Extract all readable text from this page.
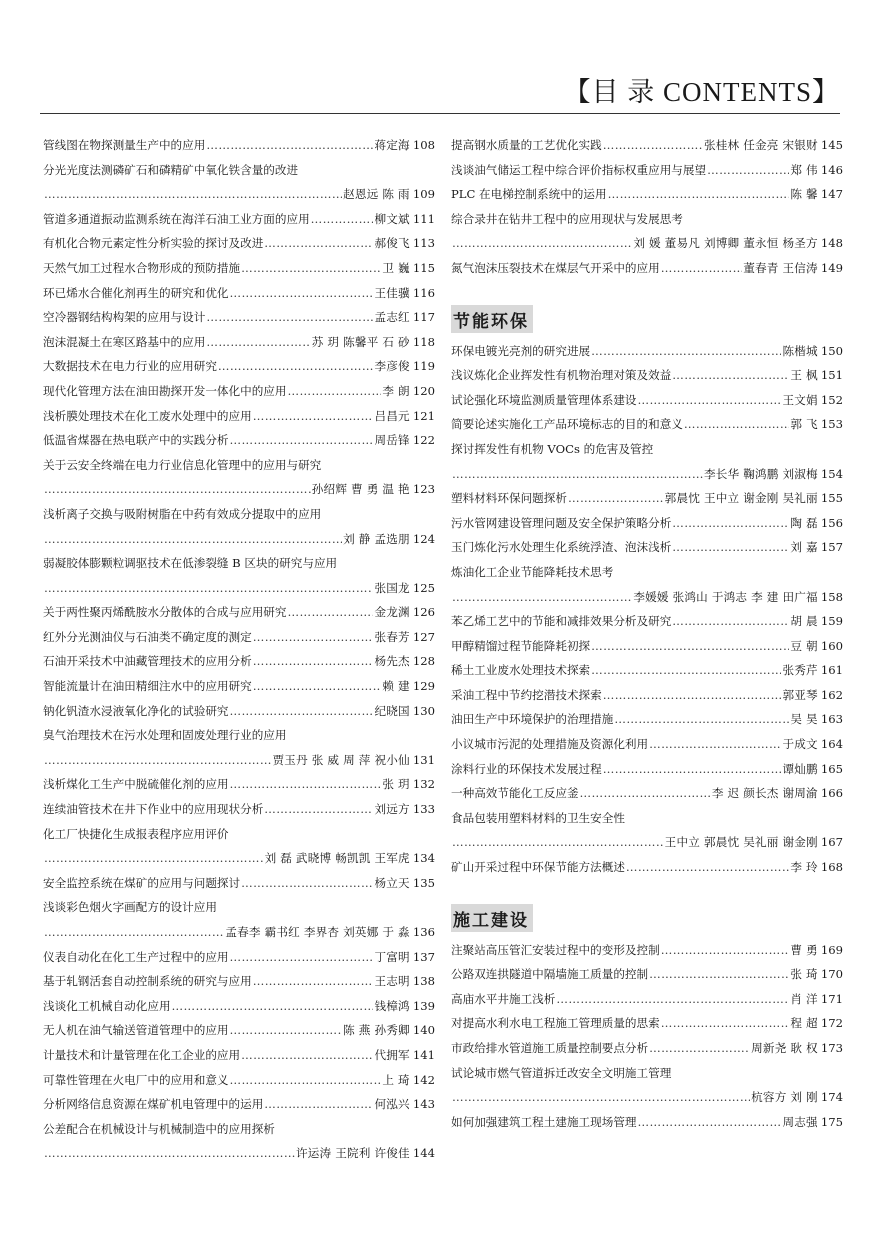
【目 录 CONTENTS】
管线图在物探测量生产中的应用 …………………………………………………………………………………………………………………………………………………………………………………………	蒋定海 108
分光光度法测磷矿石和磷精矿中氧化铁含量的改进
…………………………………………………………………………………………………………………………………………………………………………………………
赵恩远 陈 雨 109
管道多通道振动监测系统在海洋石油工业方面的应用 …………………………………………………………………………………………………………………………………………………………………………………………	柳文斌 111
有机化合物元素定性分析实验的探讨及改进 …………………………………………………………………………………………………………………………………………………………………………………………	郝俊飞 113
天然气加工过程水合物形成的预防措施 …………………………………………………………………………………………………………………………………………………………………………………………	卫 巍 115
环已烯水合催化剂再生的研究和优化 …………………………………………………………………………………………………………………………………………………………………………………………	王佳骥 116
空冷器钢结构构架的应用与设计 …………………………………………………………………………………………………………………………………………………………………………………………	孟志红 117
泡沫混凝土在寒区路基中的应用 …………………………………………………………………………………………………………………………………………………………………………………………	苏 玥 陈馨平 石 砂 118
大数据技术在电力行业的应用研究 …………………………………………………………………………………………………………………………………………………………………………………………	李彦俊 119
现代化管理方法在油田勘探开发一体化中的应用 …………………………………………………………………………………………………………………………………………………………………………………………	李 朗 120
浅析膜处理技术在化工废水处理中的应用 …………………………………………………………………………………………………………………………………………………………………………………………	吕昌元 121
低温省煤器在热电联产中的实践分析 …………………………………………………………………………………………………………………………………………………………………………………………	周岳锋 122
关于云安全终端在电力行业信息化管理中的应用与研究
…………………………………………………………………………………………………………………………………………………………………………………………
孙绍辉 曹 勇 温 艳 123
浅析离子交换与吸附树脂在中药有效成分提取中的应用
…………………………………………………………………………………………………………………………………………………………………………………………
刘 静 孟选朋 124
弱凝胶体膨颗粒调驱技术在低渗裂缝 B 区块的研究与应用
…………………………………………………………………………………………………………………………………………………………………………………………
张国龙 125
关于两性聚丙烯酰胺水分散体的合成与应用研究 …………………………………………………………………………………………………………………………………………………………………………………………	金龙渊 126
红外分光测油仪与石油类不确定度的测定 …………………………………………………………………………………………………………………………………………………………………………………………	张春芳 127
石油开采技术中油藏管理技术的应用分析 …………………………………………………………………………………………………………………………………………………………………………………………	杨先杰 128
智能流量计在油田精细注水中的应用研究 …………………………………………………………………………………………………………………………………………………………………………………………	赖 建 129
钠化钒渣水浸液氧化净化的试验研究 …………………………………………………………………………………………………………………………………………………………………………………………	纪晓国 130
臭气治理技术在污水处理和固废处理行业的应用
…………………………………………………………………………………………………………………………………………………………………………………………
贾玉丹 张 威 周 萍 祝小仙 131
浅析煤化工生产中脱硫催化剂的应用 …………………………………………………………………………………………………………………………………………………………………………………………	张 玥 132
连续油管技术在井下作业中的应用现状分析 …………………………………………………………………………………………………………………………………………………………………………………………	刘远方 133
化工厂快捷化生成报表程序应用评价
…………………………………………………………………………………………………………………………………………………………………………………………
刘 磊 武晓博 畅凯凯 王军虎 134
安全监控系统在煤矿的应用与问题探讨 …………………………………………………………………………………………………………………………………………………………………………………………	杨立天 135
浅谈彩色烟火字画配方的设计应用
…………………………………………………………………………………………………………………………………………………………………………………………
孟春李 霸书红 李界杏 刘英娜 于 淼 136
仪表自动化在化工生产过程中的应用 …………………………………………………………………………………………………………………………………………………………………………………………	丁富明 137
基于轧钢活套自动控制系统的研究与应用 …………………………………………………………………………………………………………………………………………………………………………………………	王志明 138
浅谈化工机械自动化应用 …………………………………………………………………………………………………………………………………………………………………………………………	钱樟鸿 139
无人机在油气输送管道管理中的应用 …………………………………………………………………………………………………………………………………………………………………………………………	陈 燕 孙秀卿 140
计量技术和计量管理在化工企业的应用 …………………………………………………………………………………………………………………………………………………………………………………………	代拥军 141
可靠性管理在火电厂中的应用和意义 …………………………………………………………………………………………………………………………………………………………………………………………	上 琦 142
分析网络信息资源在煤矿机电管理中的运用 …………………………………………………………………………………………………………………………………………………………………………………………	何泓兴 143
公差配合在机械设计与机械制造中的应用探析
…………………………………………………………………………………………………………………………………………………………………………………………
许运涛 王院利 许俊佳 144
提高钢水质量的工艺优化实践 …………………………………………………………………………………………………………………………………………………………………………………………	张桂林 任金亮 宋银财 145
浅谈油气储运工程中综合评价指标权重应用与展望 …………………………………………………………………………………………………………………………………………………………………………………………	郑 伟 146
PLC 在电梯控制系统中的运用 …………………………………………………………………………………………………………………………………………………………………………………………	陈 馨 147
综合录井在钻井工程中的应用现状与发展思考
…………………………………………………………………………………………………………………………………………………………………………………………
刘 媛 董易凡 刘博卿 董永恒 杨圣方 148
氮气泡沫压裂技术在煤层气开采中的应用 …………………………………………………………………………………………………………………………………………………………………………………………	董春青 王信涛 149
节能环保
环保电镀光亮剂的研究进展 …………………………………………………………………………………………………………………………………………………………………………………………	陈楷城 150
浅议炼化企业挥发性有机物治理对策及效益 …………………………………………………………………………………………………………………………………………………………………………………………	王 枫 151
试论强化环境监测质量管理体系建设 …………………………………………………………………………………………………………………………………………………………………………………………	王文娟 152
简要论述实施化工产品环境标志的目的和意义 …………………………………………………………………………………………………………………………………………………………………………………………	郭 飞 153
探讨挥发性有机物 VOCs 的危害及管控
…………………………………………………………………………………………………………………………………………………………………………………………
李长华 鞠鸿鹏 刘淑梅 154
塑料材料环保问题探析 …………………………………………………………………………………………………………………………………………………………………………………………	郭晨忱 王中立 谢金刚 吴礼丽 155
污水管网建设管理问题及安全保护策略分析 …………………………………………………………………………………………………………………………………………………………………………………………	陶 磊 156
玉门炼化污水处理生化系统浮渣、泡沫浅析 …………………………………………………………………………………………………………………………………………………………………………………………	刘 嘉 157
炼油化工企业节能降耗技术思考
…………………………………………………………………………………………………………………………………………………………………………………………
李媛媛 张鸿山 于鸿志 李 建 田广福 158
苯乙烯工艺中的节能和减排效果分析及研究 …………………………………………………………………………………………………………………………………………………………………………………………	胡 晨 159
甲醇精馏过程节能降耗初探 …………………………………………………………………………………………………………………………………………………………………………………………	豆 朝 160
稀土工业废水处理技术探索 …………………………………………………………………………………………………………………………………………………………………………………………	张秀芹 161
采油工程中节约挖潜技术探索 …………………………………………………………………………………………………………………………………………………………………………………………	郭亚琴 162
油田生产中环境保护的治理措施 …………………………………………………………………………………………………………………………………………………………………………………………	吴 昊 163
小议城市污泥的处理措施及资源化利用 …………………………………………………………………………………………………………………………………………………………………………………………	于成文 164
涂料行业的环保技术发展过程 …………………………………………………………………………………………………………………………………………………………………………………………	谭灿鹏 165
一种高效节能化工反应釜 …………………………………………………………………………………………………………………………………………………………………………………………	李 迟 颜长杰 谢周渝 166
食品包装用塑料材料的卫生安全性
…………………………………………………………………………………………………………………………………………………………………………………………
王中立 郭晨忱 吴礼丽 谢金刚 167
矿山开采过程中环保节能方法概述 …………………………………………………………………………………………………………………………………………………………………………………………	李 玲 168
施工建设
注聚站高压管汇安装过程中的变形及控制 …………………………………………………………………………………………………………………………………………………………………………………………	曹 勇 169
公路双连拱隧道中隔墙施工质量的控制 …………………………………………………………………………………………………………………………………………………………………………………………	张 琦 170
高庙水平井施工浅析 …………………………………………………………………………………………………………………………………………………………………………………………	肖 洋 171
对提高水利水电工程施工管理质量的思索 …………………………………………………………………………………………………………………………………………………………………………………………	程 超 172
市政给排水管道施工质量控制要点分析 …………………………………………………………………………………………………………………………………………………………………………………………	周新尧 耿 权 173
试论城市燃气管道拆迁改安全文明施工管理
…………………………………………………………………………………………………………………………………………………………………………………………
杭容方 刘 刚 174
如何加强建筑工程土建施工现场管理 …………………………………………………………………………………………………………………………………………………………………………………………	周志强 175
